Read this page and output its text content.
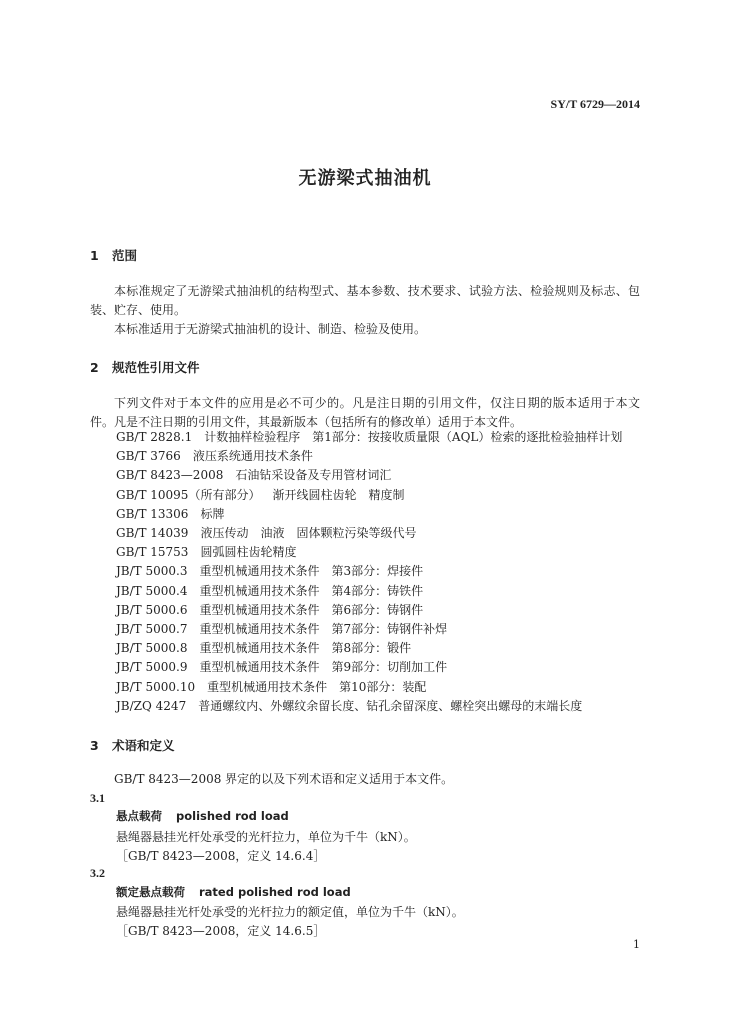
SY/T 6729—2014
无游梁式抽油机
1 范围

本标准规定了无游梁式抽油机的结构型式、基本参数、技术要求、试验方法、检验规则及标志、包装、贮存、使用。

本标准适用于无游梁式抽油机的设计、制造、检验及使用。

2 规范性引用文件

下列文件对于本文件的应用是必不可少的。凡是注日期的引用文件，仅注日期的版本适用于本文件。凡是不注日期的引用文件，其最新版本（包括所有的修改单）适用于本文件。

GB/T 2828.1 计数抽样检验程序　第1部分：按接收质量限（AQL）检索的逐批检验抽样计划
GB/T 3766 液压系统通用技术条件
GB/T 8423—2008 石油钻采设备及专用管材词汇
GB/T 10095（所有部分） 渐开线圆柱齿轮　精度制
GB/T 13306 标牌
GB/T 14039 液压传动　油液　固体颗粒污染等级代号
GB/T 15753 圆弧圆柱齿轮精度
JB/T 5000.3 重型机械通用技术条件　第3部分：焊接件
JB/T 5000.4 重型机械通用技术条件　第4部分：铸铁件
JB/T 5000.6 重型机械通用技术条件　第6部分：铸钢件
JB/T 5000.7 重型机械通用技术条件　第7部分：铸钢件补焊
JB/T 5000.8 重型机械通用技术条件　第8部分：锻件
JB/T 5000.9 重型机械通用技术条件　第9部分：切削加工件
JB/T 5000.10 重型机械通用技术条件　第10部分：装配
JB/ZQ 4247 普通螺纹内、外螺纹余留长度、钻孔余留深度、螺栓突出螺母的末端长度
3 术语和定义

GB/T 8423—2008 界定的以及下列术语和定义适用于本文件。

3.1
悬点载荷 polished rod load
悬绳器悬挂光杆处承受的光杆拉力，单位为千牛（kN）。
［GB/T 8423—2008，定义 14.6.4］
3.2
额定悬点载荷 rated polished rod load
悬绳器悬挂光杆处承受的光杆拉力的额定值，单位为千牛（kN）。
［GB/T 8423—2008，定义 14.6.5］
1
